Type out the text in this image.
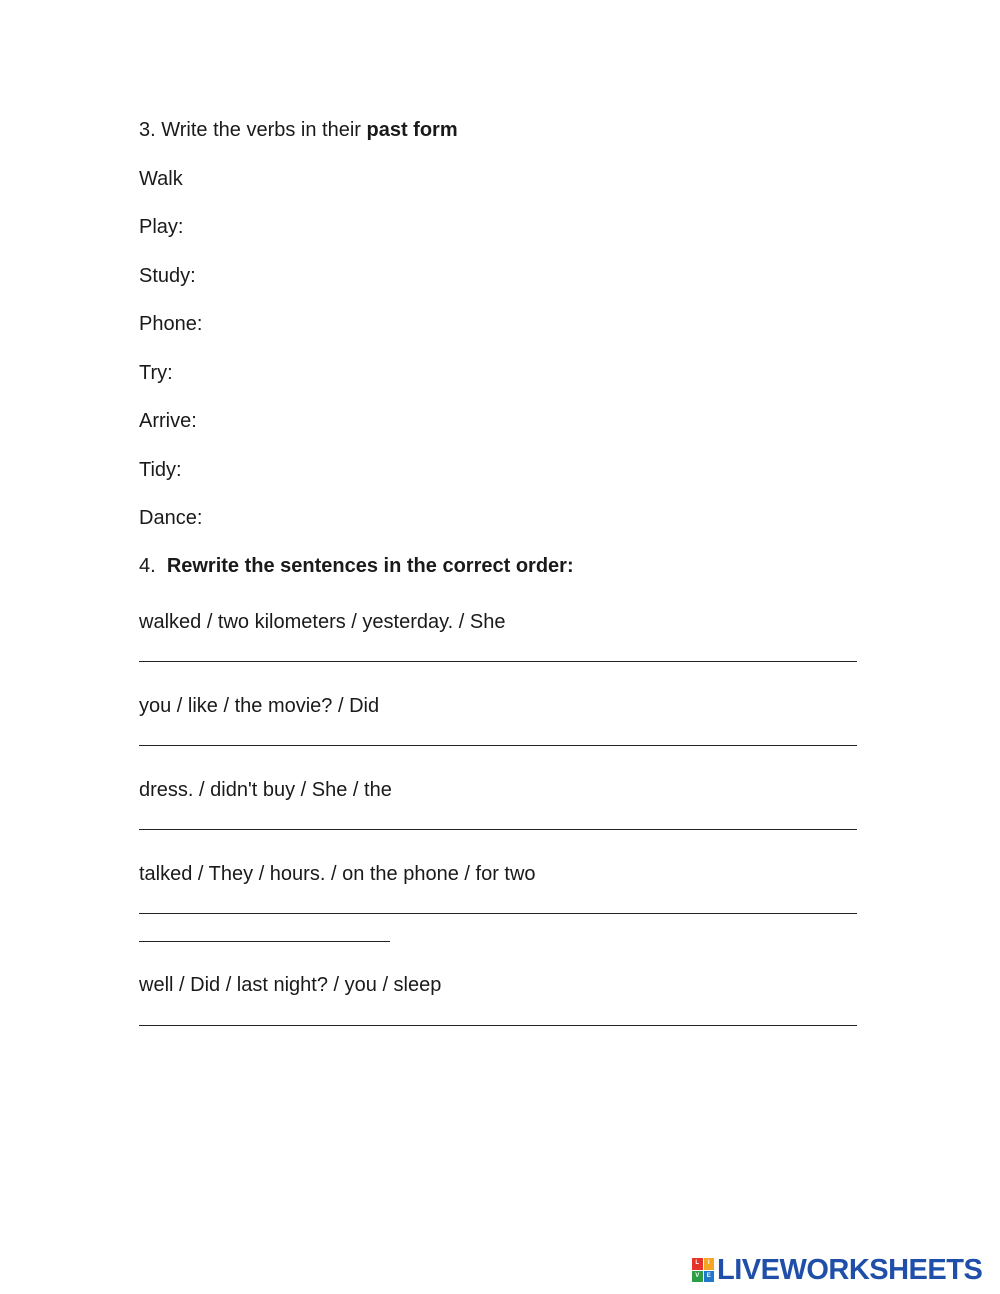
3. Write the verbs in their past form
Walk
Play:
Study:
Phone:
Try:
Arrive:
Tidy:
Dance:
4. Rewrite the sentences in the correct order:
walked / two kilometers / yesterday. / She
you / like / the movie? / Did
dress. / didn't buy / She / the
talked / They / hours. / on the phone / for two
well / Did / last night? / you / sleep
L	I
V	E LIVEWORKSHEETS
